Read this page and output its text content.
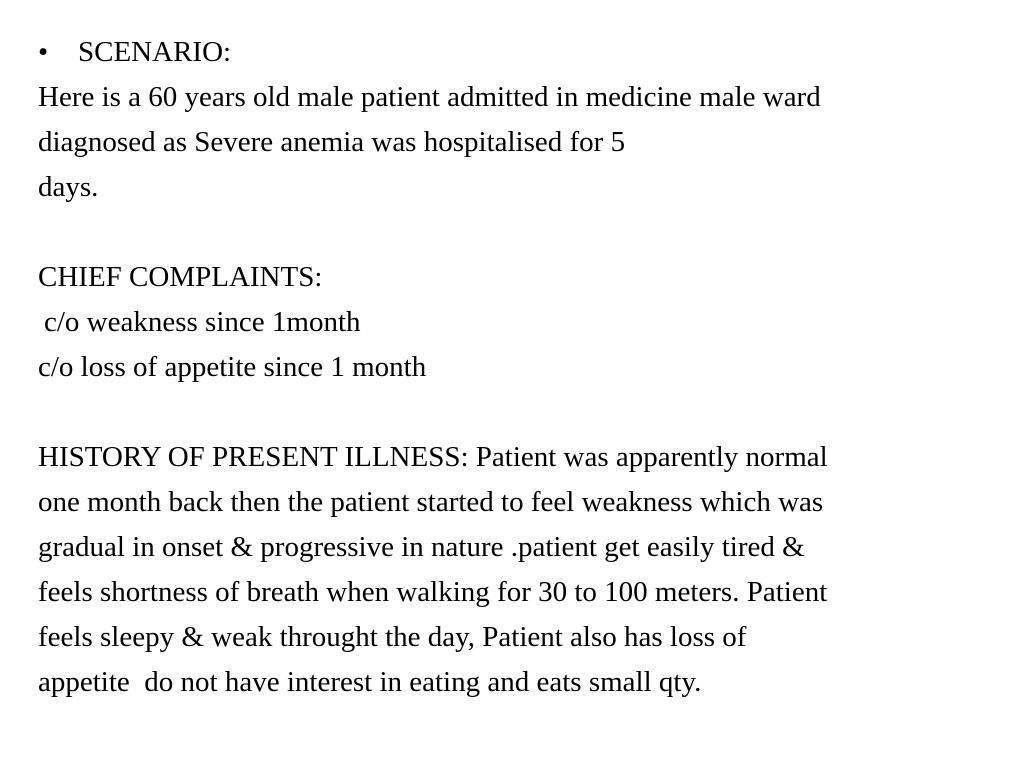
•	SCENARIO:
Here is a 60 years old male patient admitted in medicine male ward
diagnosed as Severe anemia was hospitalised for 5
days.
CHIEF COMPLAINTS:
c/o weakness since 1month
c/o loss of appetite since 1 month
HISTORY OF PRESENT ILLNESS: Patient was apparently normal
one month back then the patient started to feel weakness which was
gradual in onset & progressive in nature .patient get easily tired &
feels shortness of breath when walking for 30 to 100 meters. Patient
feels sleepy & weak throught the day, Patient also has loss of
appetite  do not have interest in eating and eats small qty.
